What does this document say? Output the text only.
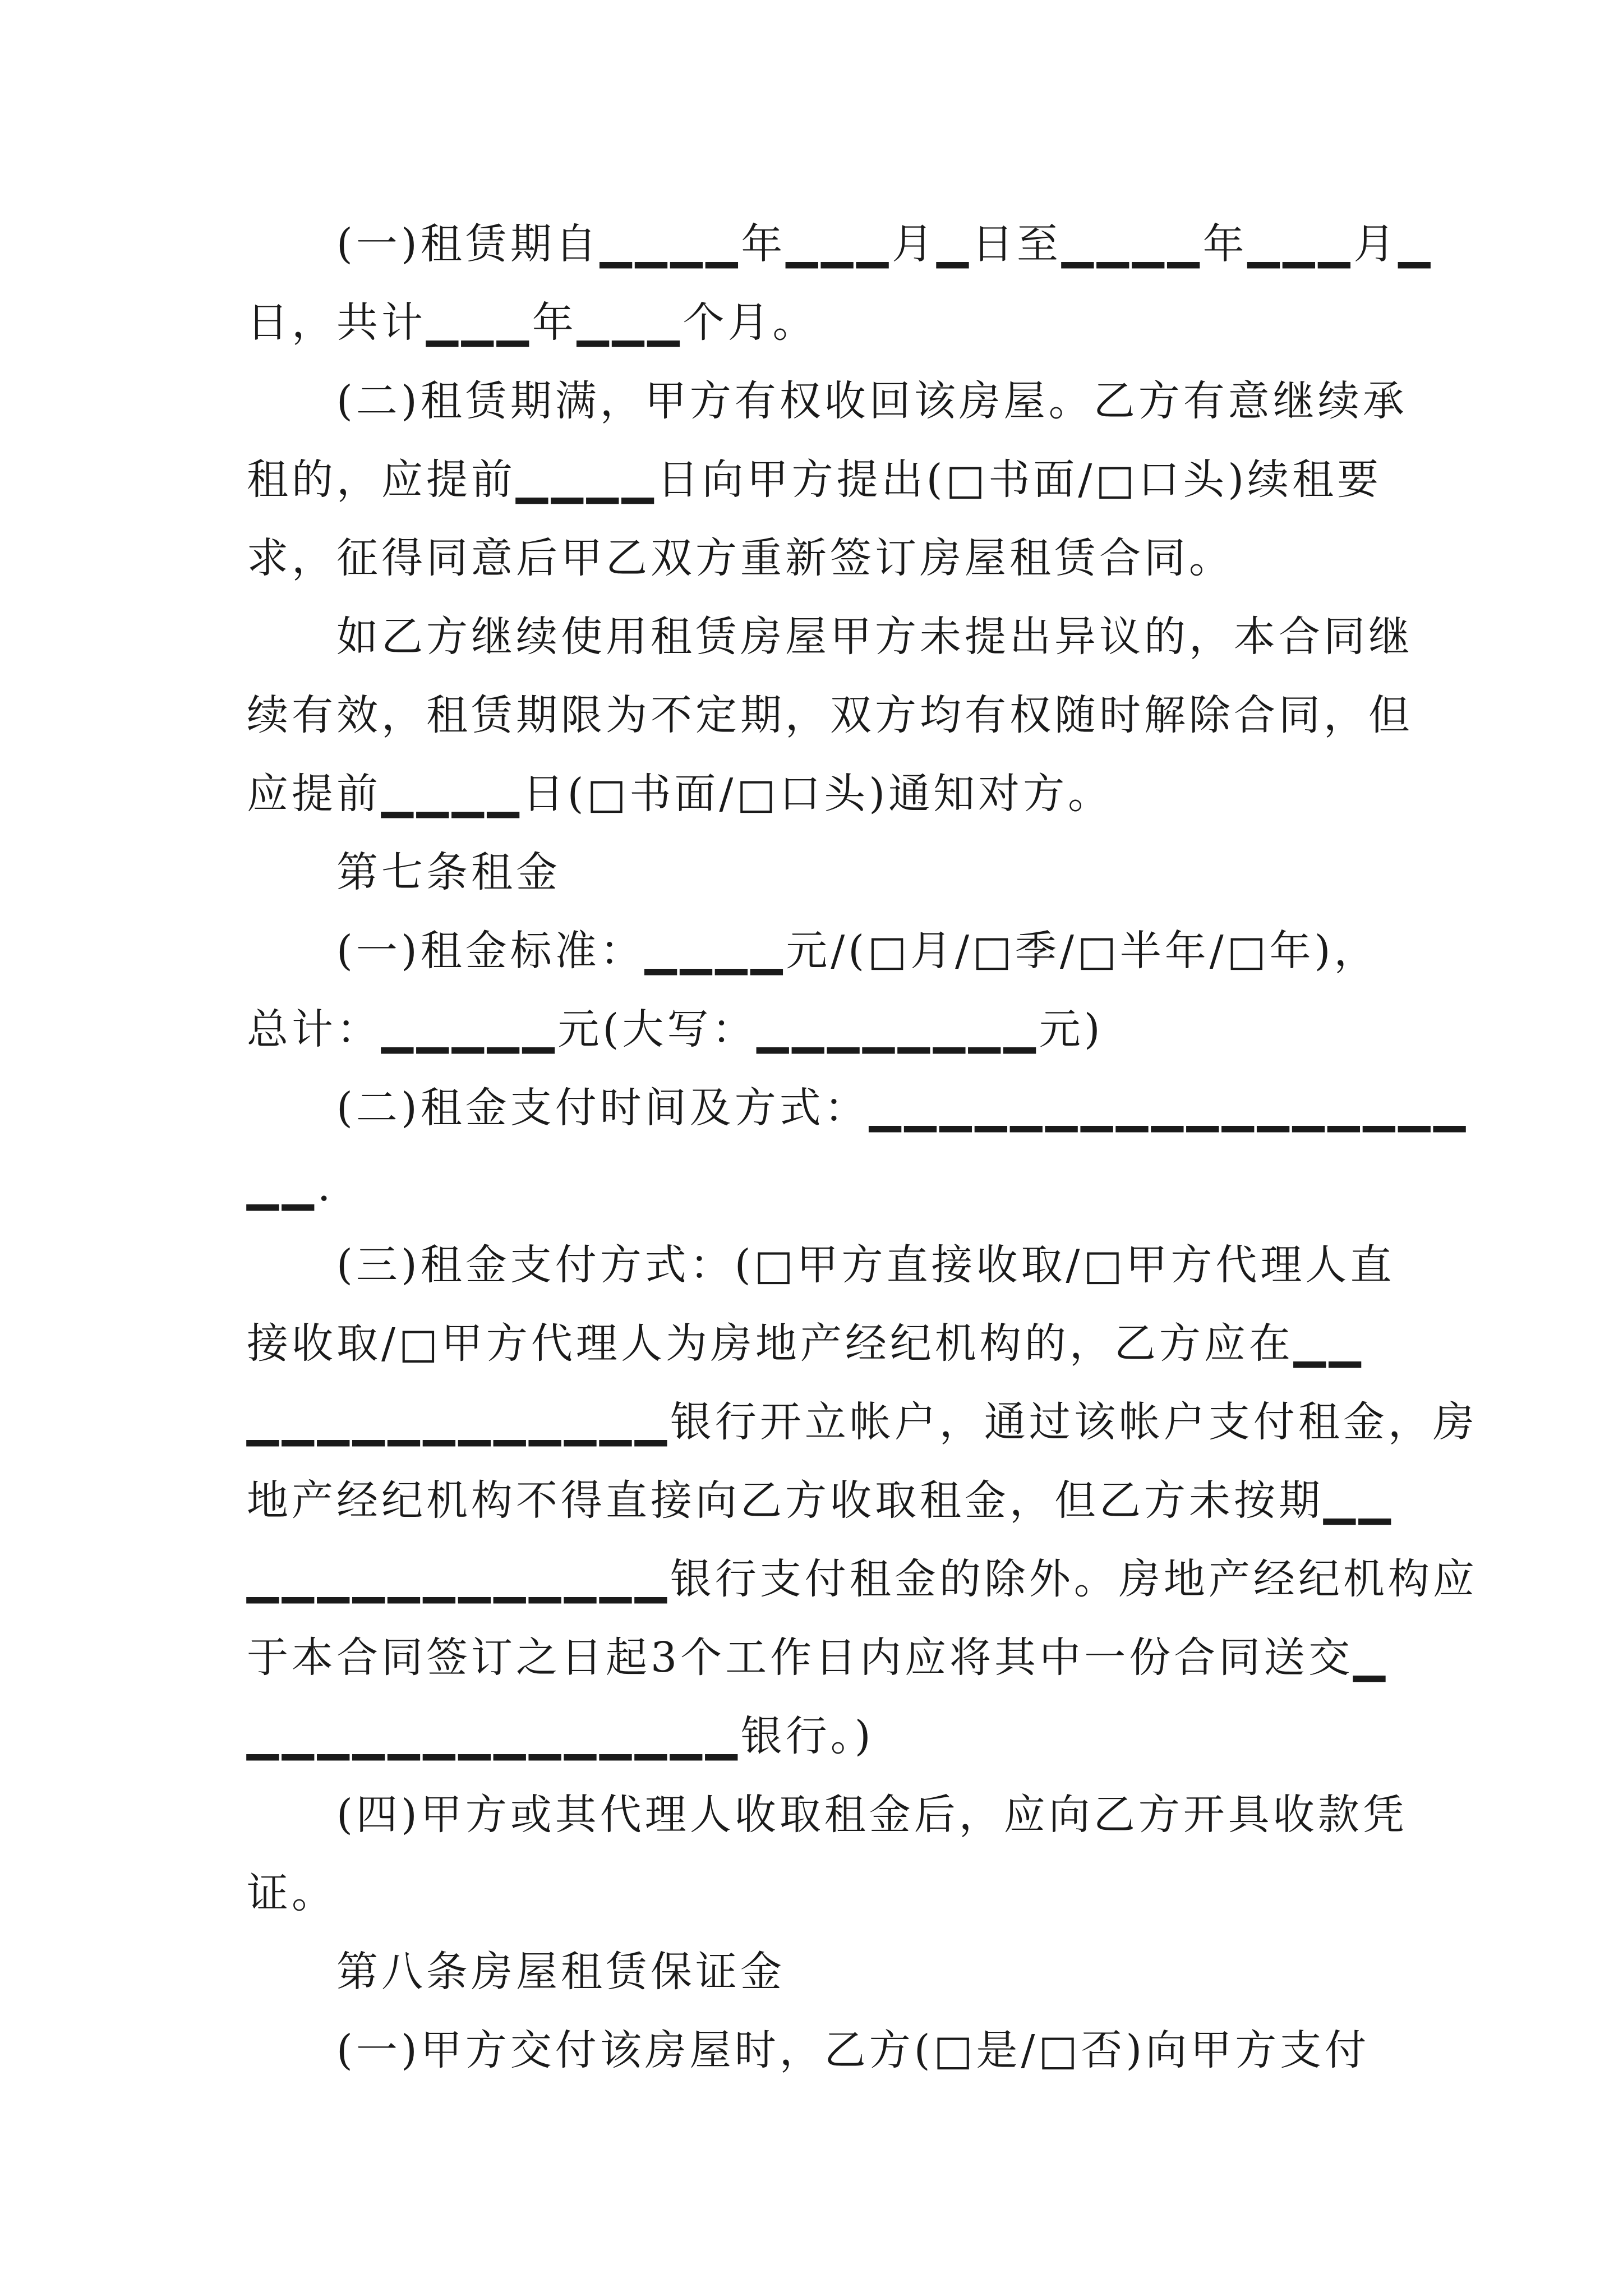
(一)租赁期自▁▁▁▁年▁▁▁月▁日至▁▁▁▁年▁▁▁月▁
日，共计▁▁▁年▁▁▁个月。
(二)租赁期满，甲方有权收回该房屋。乙方有意继续承
租的，应提前▁▁▁▁日向甲方提出(□书面/□口头)续租要
求，征得同意后甲乙双方重新签订房屋租赁合同。
如乙方继续使用租赁房屋甲方未提出异议的，本合同继
续有效，租赁期限为不定期，双方均有权随时解除合同，但
应提前▁▁▁▁日(□书面/□口头)通知对方。
第七条租金
(一)租金标准：▁▁▁▁元/(□月/□季/□半年/□年)，
总计：▁▁▁▁▁元(大写：▁▁▁▁▁▁▁▁元)
(二)租金支付时间及方式：▁▁▁▁▁▁▁▁▁▁▁▁▁▁▁▁▁
▁▁.
(三)租金支付方式：(□甲方直接收取/□甲方代理人直
接收取/□甲方代理人为房地产经纪机构的，乙方应在▁▁
▁▁▁▁▁▁▁▁▁▁▁▁银行开立帐户，通过该帐户支付租金，房
地产经纪机构不得直接向乙方收取租金，但乙方未按期▁▁
▁▁▁▁▁▁▁▁▁▁▁▁银行支付租金的除外。房地产经纪机构应
于本合同签订之日起3个工作日内应将其中一份合同送交▁
▁▁▁▁▁▁▁▁▁▁▁▁▁▁银行。)
(四)甲方或其代理人收取租金后，应向乙方开具收款凭
证。
第八条房屋租赁保证金
(一)甲方交付该房屋时，乙方(□是/□否)向甲方支付
